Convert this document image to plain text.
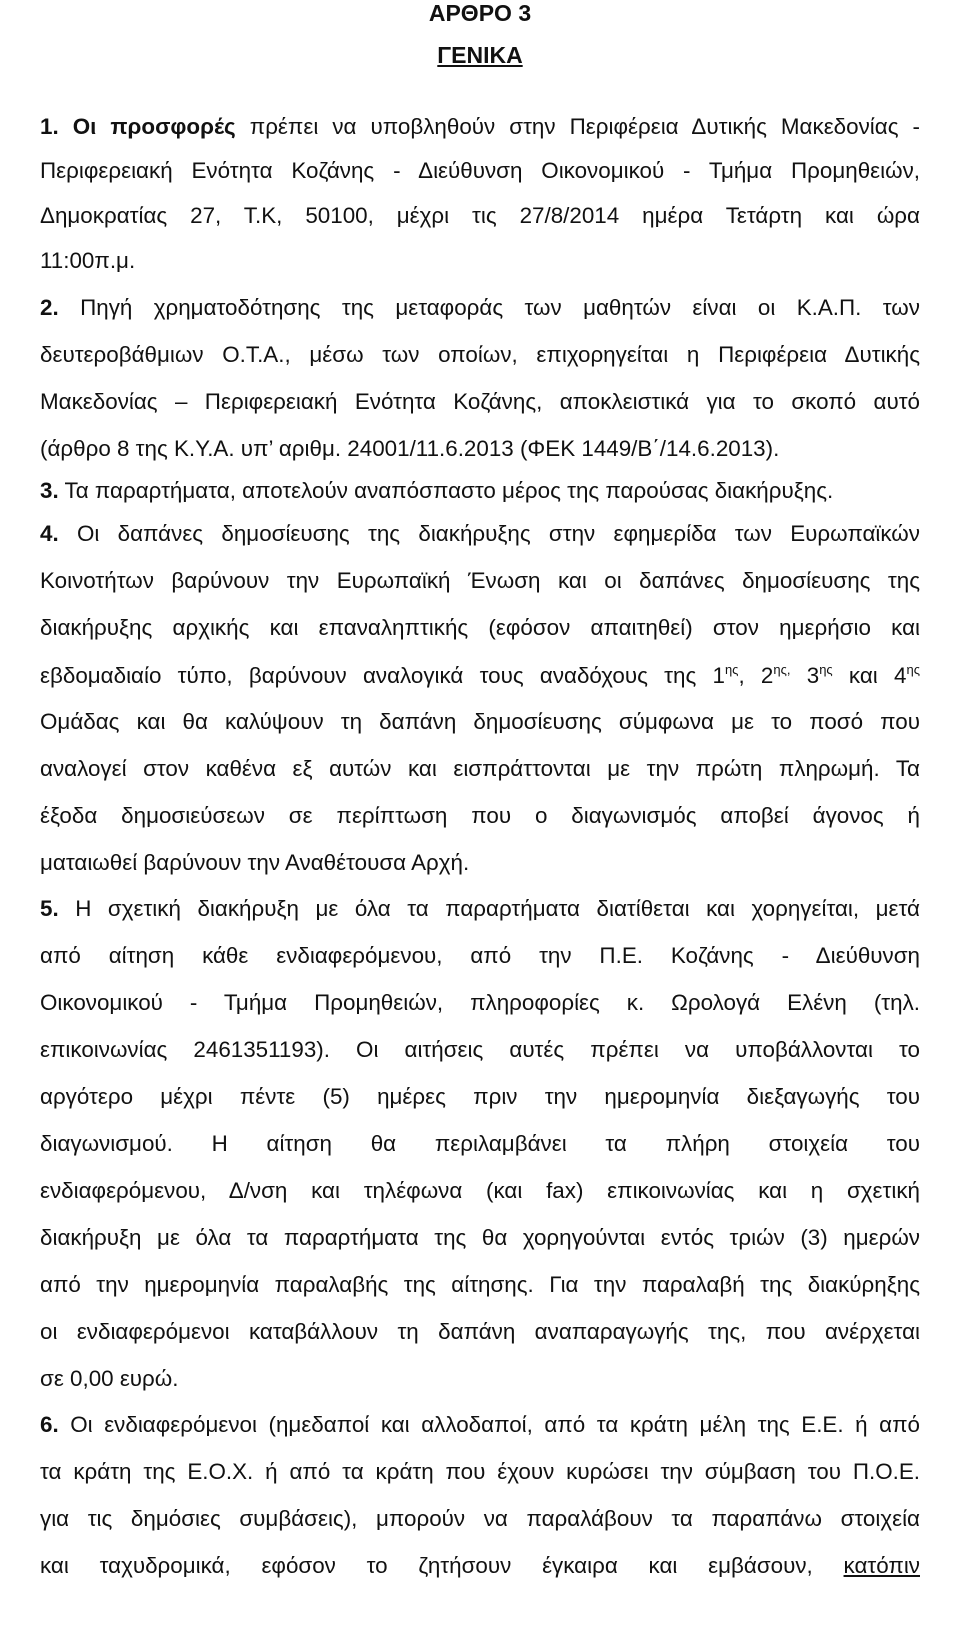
ΑΡΘΡΟ 3
ΓΕΝΙΚΑ
1. Οι προσφορές πρέπει να υποβληθούν στην Περιφέρεια Δυτικής Μακεδονίας -
Περιφερειακή Ενότητα Κοζάνης - Διεύθυνση Οικονομικού - Τμήμα Προμηθειών,
Δημοκρατίας 27, Τ.Κ, 50100, μέχρι τις 27/8/2014 ημέρα Τετάρτη και ώρα
11:00π.μ.
2. Πηγή χρηματοδότησης της μεταφοράς των μαθητών είναι οι Κ.Α.Π. των
δευτεροβάθμιων Ο.Τ.Α., μέσω των οποίων, επιχορηγείται η Περιφέρεια Δυτικής
Μακεδονίας – Περιφερειακή Ενότητα Κοζάνης, αποκλειστικά για το σκοπό αυτό
(άρθρο 8 της Κ.Υ.Α. υπ’ αριθμ. 24001/11.6.2013 (ΦΕΚ 1449/Β΄/14.6.2013).
3. Τα παραρτήματα, αποτελούν αναπόσπαστο μέρος της παρούσας διακήρυξης.
4. Οι δαπάνες δημοσίευσης της διακήρυξης στην εφημερίδα των Ευρωπαϊκών
Κοινοτήτων βαρύνουν την Ευρωπαϊκή Ένωση και οι δαπάνες δημοσίευσης της
διακήρυξης αρχικής και επαναληπτικής (εφόσον απαιτηθεί) στον ημερήσιο και
εβδομαδιαίο τύπο, βαρύνουν αναλογικά τους αναδόχους της $1^{\eta\varsigma}$, $2^{\eta\varsigma,}$ $3^{\eta\varsigma}$ και $4^{\eta\varsigma}$
Ομάδας και θα καλύψουν τη δαπάνη δημοσίευσης σύμφωνα με το ποσό που
αναλογεί στον καθένα εξ αυτών και εισπράττονται με την πρώτη πληρωμή. Τα
έξοδα δημοσιεύσεων σε περίπτωση που ο διαγωνισμός αποβεί άγονος ή
ματαιωθεί βαρύνουν την Αναθέτουσα Αρχή.
5. Η σχετική διακήρυξη με όλα τα παραρτήματα διατίθεται και χορηγείται, μετά
από αίτηση κάθε ενδιαφερόμενου, από την Π.Ε. Κοζάνης - Διεύθυνση
Οικονομικού - Τμήμα Προμηθειών, πληροφορίες κ. Ωρολογά Ελένη (τηλ.
επικοινωνίας 2461351193). Οι αιτήσεις αυτές πρέπει να υποβάλλονται το
αργότερο μέχρι πέντε (5) ημέρες πριν την ημερομηνία διεξαγωγής του
διαγωνισμού. Η αίτηση θα περιλαμβάνει τα πλήρη στοιχεία του
ενδιαφερόμενου, Δ/νση και τηλέφωνα (και fax) επικοινωνίας και η σχετική
διακήρυξη με όλα τα παραρτήματα της θα χορηγούνται εντός τριών (3) ημερών
από την ημερομηνία παραλαβής της αίτησης. Για την παραλαβή της διακύρηξης
οι ενδιαφερόμενοι καταβάλλουν τη δαπάνη αναπαραγωγής της, που ανέρχεται
σε 0,00 ευρώ.
6. Οι ενδιαφερόμενοι (ημεδαποί και αλλοδαποί, από τα κράτη μέλη της Ε.Ε. ή από
τα κράτη της Ε.Ο.Χ. ή από τα κράτη που έχουν κυρώσει την σύμβαση του Π.Ο.Ε.
για τις δημόσιες συμβάσεις), μπορούν να παραλάβουν τα παραπάνω στοιχεία
και ταχυδρομικά, εφόσον το ζητήσουν έγκαιρα και εμβάσουν, κατόπιν
